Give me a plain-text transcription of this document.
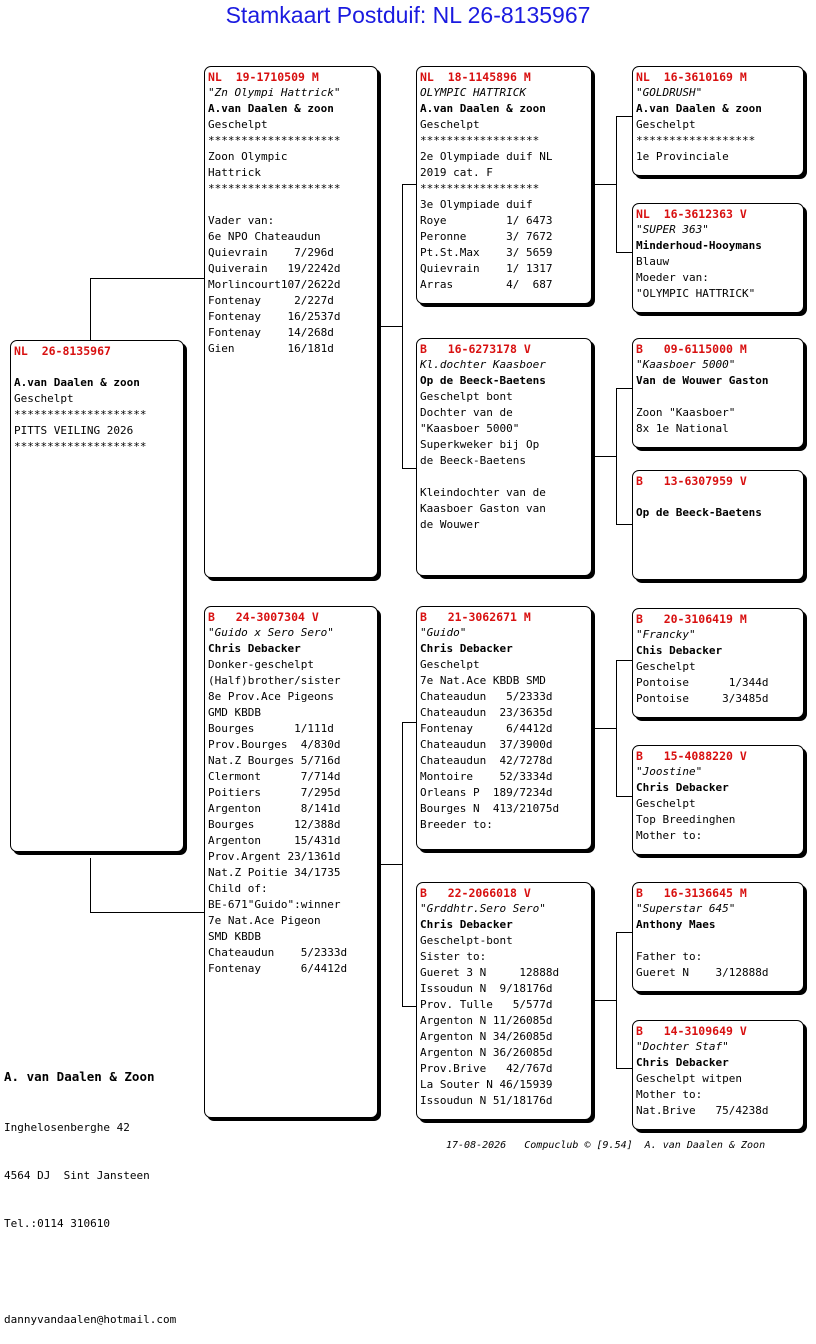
Stamkaart Postduif: NL 26-8135967
NL  26-8135967

A.van Daalen & zoon
Geschelpt
********************
PITTS VEILING 2026
********************
NL  19-1710509 M
"Zn Olympi Hattrick"
A.van Daalen & zoon
Geschelpt
********************
Zoon Olympic
Hattrick
********************

Vader van:
6e NPO Chateaudun
Quievrain    7/296d
Quiverain   19/2242d
Morlincourt107/2622d
Fontenay     2/227d
Fontenay    16/2537d
Fontenay    14/268d
Gien        16/181d
B   24-3007304 V
"Guido x Sero Sero"
Chris Debacker
Donker-geschelpt
(Half)brother/sister
8e Prov.Ace Pigeons
GMD KBDB
Bourges      1/111d
Prov.Bourges  4/830d
Nat.Z Bourges 5/716d
Clermont      7/714d
Poitiers      7/295d
Argenton      8/141d
Bourges      12/388d
Argenton     15/431d
Prov.Argent 23/1361d
Nat.Z Poitie 34/1735
Child of:
BE-671"Guido":winner
7e Nat.Ace Pigeon
SMD KBDB
Chateaudun    5/2333d
Fontenay      6/4412d
NL  18-1145896 M
OLYMPIC HATTRICK
A.van Daalen & zoon
Geschelpt
******************
2e Olympiade duif NL
2019 cat. F
******************
3e Olympiade duif
Roye         1/ 6473
Peronne      3/ 7672
Pt.St.Max    3/ 5659
Quievrain    1/ 1317
Arras        4/  687
B   16-6273178 V
Kl.dochter Kaasboer
Op de Beeck-Baetens
Geschelpt bont
Dochter van de
"Kaasboer 5000"
Superkweker bij Op
de Beeck-Baetens

Kleindochter van de
Kaasboer Gaston van
de Wouwer
B   21-3062671 M
"Guido"
Chris Debacker
Geschelpt
7e Nat.Ace KBDB SMD
Chateaudun   5/2333d
Chateaudun  23/3635d
Fontenay     6/4412d
Chateaudun  37/3900d
Chateaudun  42/7278d
Montoire    52/3334d
Orleans P  189/7234d
Bourges N  413/21075d
Breeder to:
B   22-2066018 V
"Grddhtr.Sero Sero"
Chris Debacker
Geschelpt-bont
Sister to:
Gueret 3 N     12888d
Issoudun N  9/18176d
Prov. Tulle   5/577d
Argenton N 11/26085d
Argenton N 34/26085d
Argenton N 36/26085d
Prov.Brive   42/767d
La Souter N 46/15939
Issoudun N 51/18176d
NL  16-3610169 M
"GOLDRUSH"
A.van Daalen & zoon
Geschelpt
******************
1e Provinciale
NL  16-3612363 V
"SUPER 363"
Minderhoud-Hooymans
Blauw
Moeder van:
"OLYMPIC HATTRICK"
B   09-6115000 M
"Kaasboer 5000"
Van de Wouwer Gaston

Zoon "Kaasboer"
8x 1e National
B   13-6307959 V

Op de Beeck-Baetens
B   20-3106419 M
"Francky"
Chis Debacker
Geschelpt
Pontoise      1/344d
Pontoise     3/3485d
B   15-4088220 V
"Joostine"
Chris Debacker
Geschelpt
Top Breedinghen
Mother to:
B   16-3136645 M
"Superstar 645"
Anthony Maes

Father to:
Gueret N    3/12888d
B   14-3109649 V
"Dochter Staf"
Chris Debacker
Geschelpt witpen
Mother to:
Nat.Brive   75/4238d

A. van Daalen & Zoon

Inghelosenberghe 42

4564 DJ  Sint Jansteen

Tel.:0114 310610

dannyvandaalen@hotmail.com

17-08-2026   Compuclub © [9.54]  A. van Daalen & Zoon
